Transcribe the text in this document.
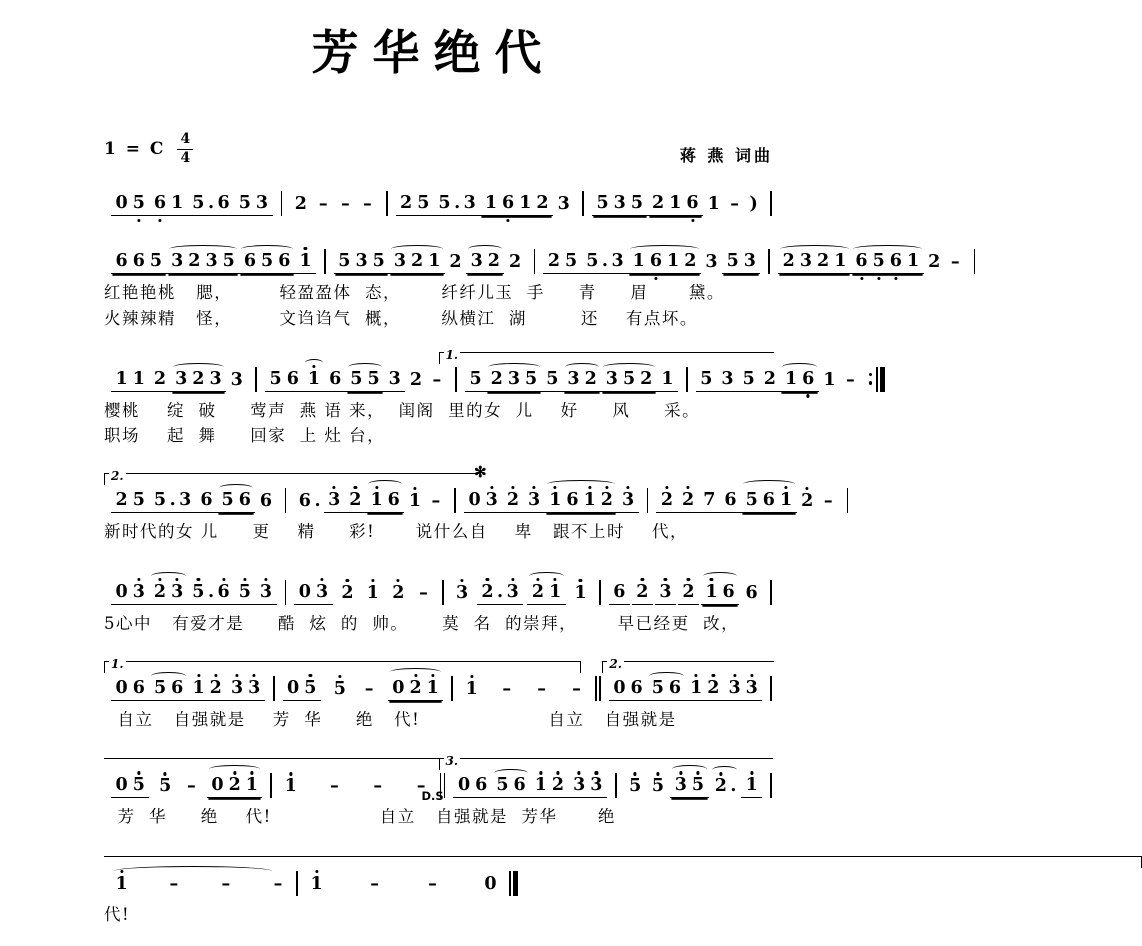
芳华绝代
1 = C $\frac{4}{4}$	蒋 燕 词曲
0 5 6 1 5 . 6 5 3 2 – – – 2 5 5 . 3 1 6 1 2 3 5 3 5 2 1 6 1 – )
6 6 5 3 2 3 5 6 5 6 1 5 3 5 3 2 1 2 3 2 2 2 5 5 . 3 1 6 1 2 3 5 3 2 3 2 1 6 5 6 1 2 –
红艳艳桃   腮，       轻盈盈体  态，      纤纤儿玉  手     青     眉      黛。
火辣辣精   怪，       文诌诌气  概，      纵横江  湖        还    有点坏。
1.
1 1 2 3 2 3 3 5 6 1 6 5 5 3 2 – 5 2 3 5 5 3 2 3 5 2 1 5 3 5 2 1 6 1 –
樱桃    绽  破     莺声  燕 语 来，  闺阁  里的女  儿    好     风     采。
职场    起  舞     回家  上 灶 台，
2.	✻
2 5 5 . 3 6 5 6 6 6 . 3 2 1 6 1 – 0 3 2 3 1 6 1 2 3 2 2 7 6 5 6 1 2 –
新时代的女 儿     更    精     彩!      说什么自    卑   跟不上时    代，
0 3 2 3 5 . 6 5 3 0 3 2 1 2 – 3 2 . 3 2 1 1 6 2 3 2 1 6 6
5心中   有爱才是     酷  炫  的  帅。     莫  名  的崇拜，      早已经更  改，
1.	2.
0 6 5 6 1 2 3 3 0 5 5 – 0 2 1 1 – – – 0 6 5 6 1 2 3 3
自立   自强就是    芳  华     绝   代!                   自立   自强就是
3.
D.S
0 5 5 – 0 2 1 1 – – – 0 6 5 6 1 2 3 3 5 5 3 5 2 . 1
芳  华     绝    代!                自立   自强就是  芳华      绝
1 – – – 1	–	–	0
代!
